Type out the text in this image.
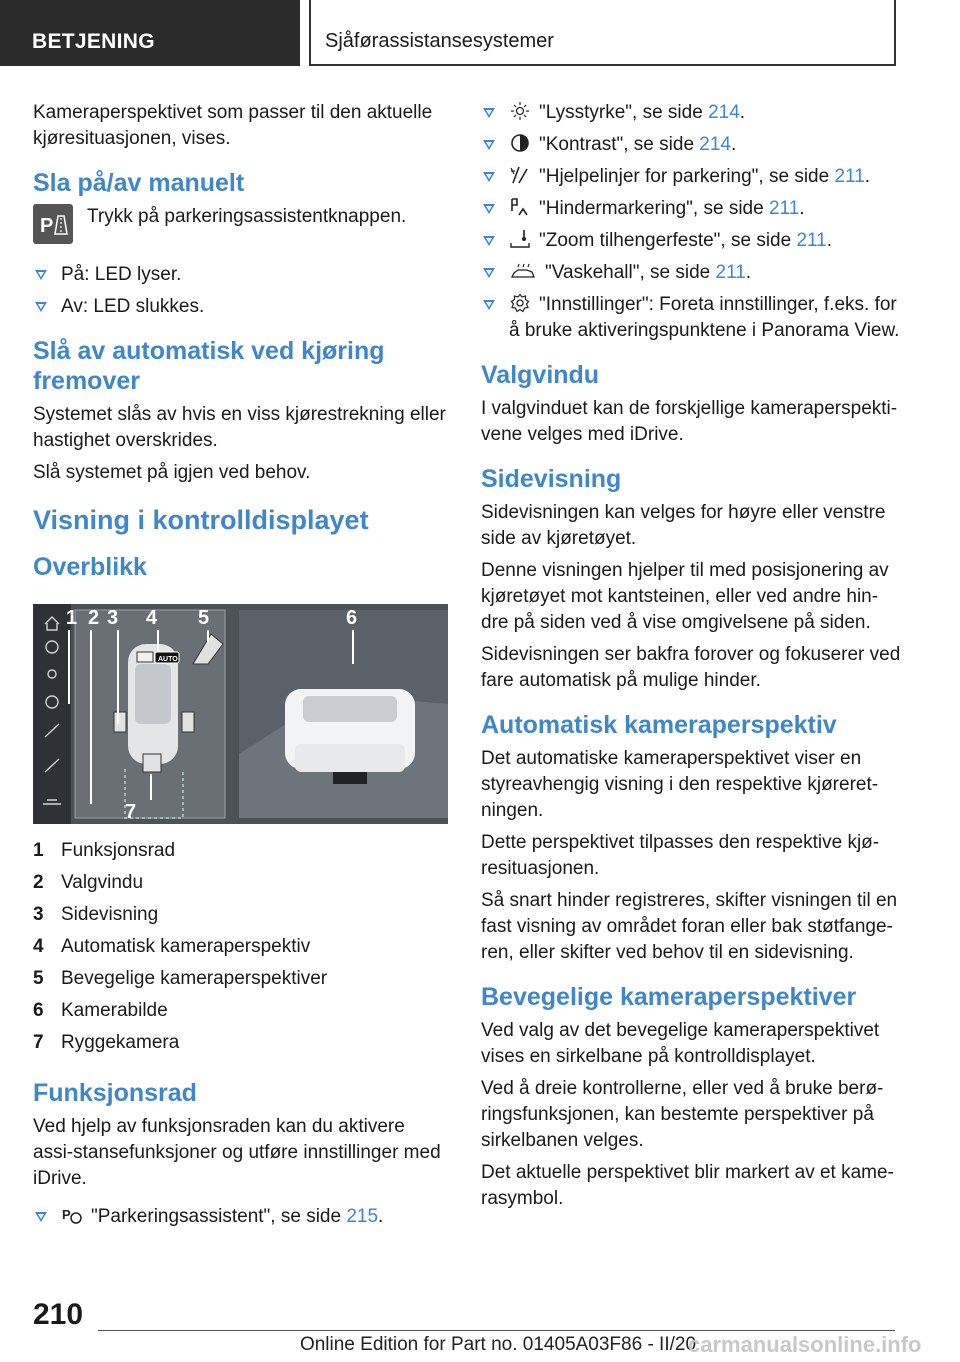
BETJENING	Sjåførassistansesystemer

Kameraperspektivet som passer til den aktuelle kjøresituasjonen, vises.

Sla på/av manuelt

P Trykk på parkeringsassistentknappen.

På: LED lyser.
Av: LED slukkes.
Slå av automatisk ved kjøring fremover

Systemet slås av hvis en viss kjørestrekning eller hastighet overskrides.

Slå systemet på igjen ved behov.

Visning i kontrolldisplayet
Overblikk
AUTO
1 2 3 4 5	6
7
1 Funksjonsrad
2 Valgvindu
3 Sidevisning
4 Automatisk kameraperspektiv
5 Bevegelige kameraperspektiver
6 Kamerabilde
7 Ryggekamera
Funksjonsrad

Ved hjelp av funksjonsraden kan du aktivere assi-stansefunksjoner og utføre innstillinger med iDrive.

P "Parkeringsassistent", se side 215.
"Lysstyrke", se side 214.
"Kontrast", se side 214.
"Hjelpelinjer for parkering", se side 211.
"Hindermarkering", se side 211.
"Zoom tilhengerfeste", se side 211.
"Vaskehall", se side 211.
"Innstillinger": Foreta innstillinger, f.eks. for å bruke aktiveringspunktene i Panorama View.
Valgvindu

I valgvinduet kan de forskjellige kameraperspekti-vene velges med iDrive.

Sidevisning

Sidevisningen kan velges for høyre eller venstre side av kjøretøyet.

Denne visningen hjelper til med posisjonering av kjøretøyet mot kantsteinen, eller ved andre hin-dre på siden ved å vise omgivelsene på siden.

Sidevisningen ser bakfra forover og fokuserer ved fare automatisk på mulige hinder.

Automatisk kameraperspektiv

Det automatiske kameraperspektivet viser en styreavhengig visning i den respektive kjøreret-ningen.

Dette perspektivet tilpasses den respektive kjø-resituasjonen.

Så snart hinder registreres, skifter visningen til en fast visning av området foran eller bak støtfange-ren, eller skifter ved behov til en sidevisning.

Bevegelige kameraperspektiver

Ved valg av det bevegelige kameraperspektivet vises en sirkelbane på kontrolldisplayet.

Ved å dreie kontrollerne, eller ved å bruke berø-ringsfunksjonen, kan bestemte perspektiver på sirkelbanen velges.

Det aktuelle perspektivet blir markert av et kame-rasymbol.

210
Online Edition for Part no. 01405A03F86 - II/20
carmanualsonline.info
